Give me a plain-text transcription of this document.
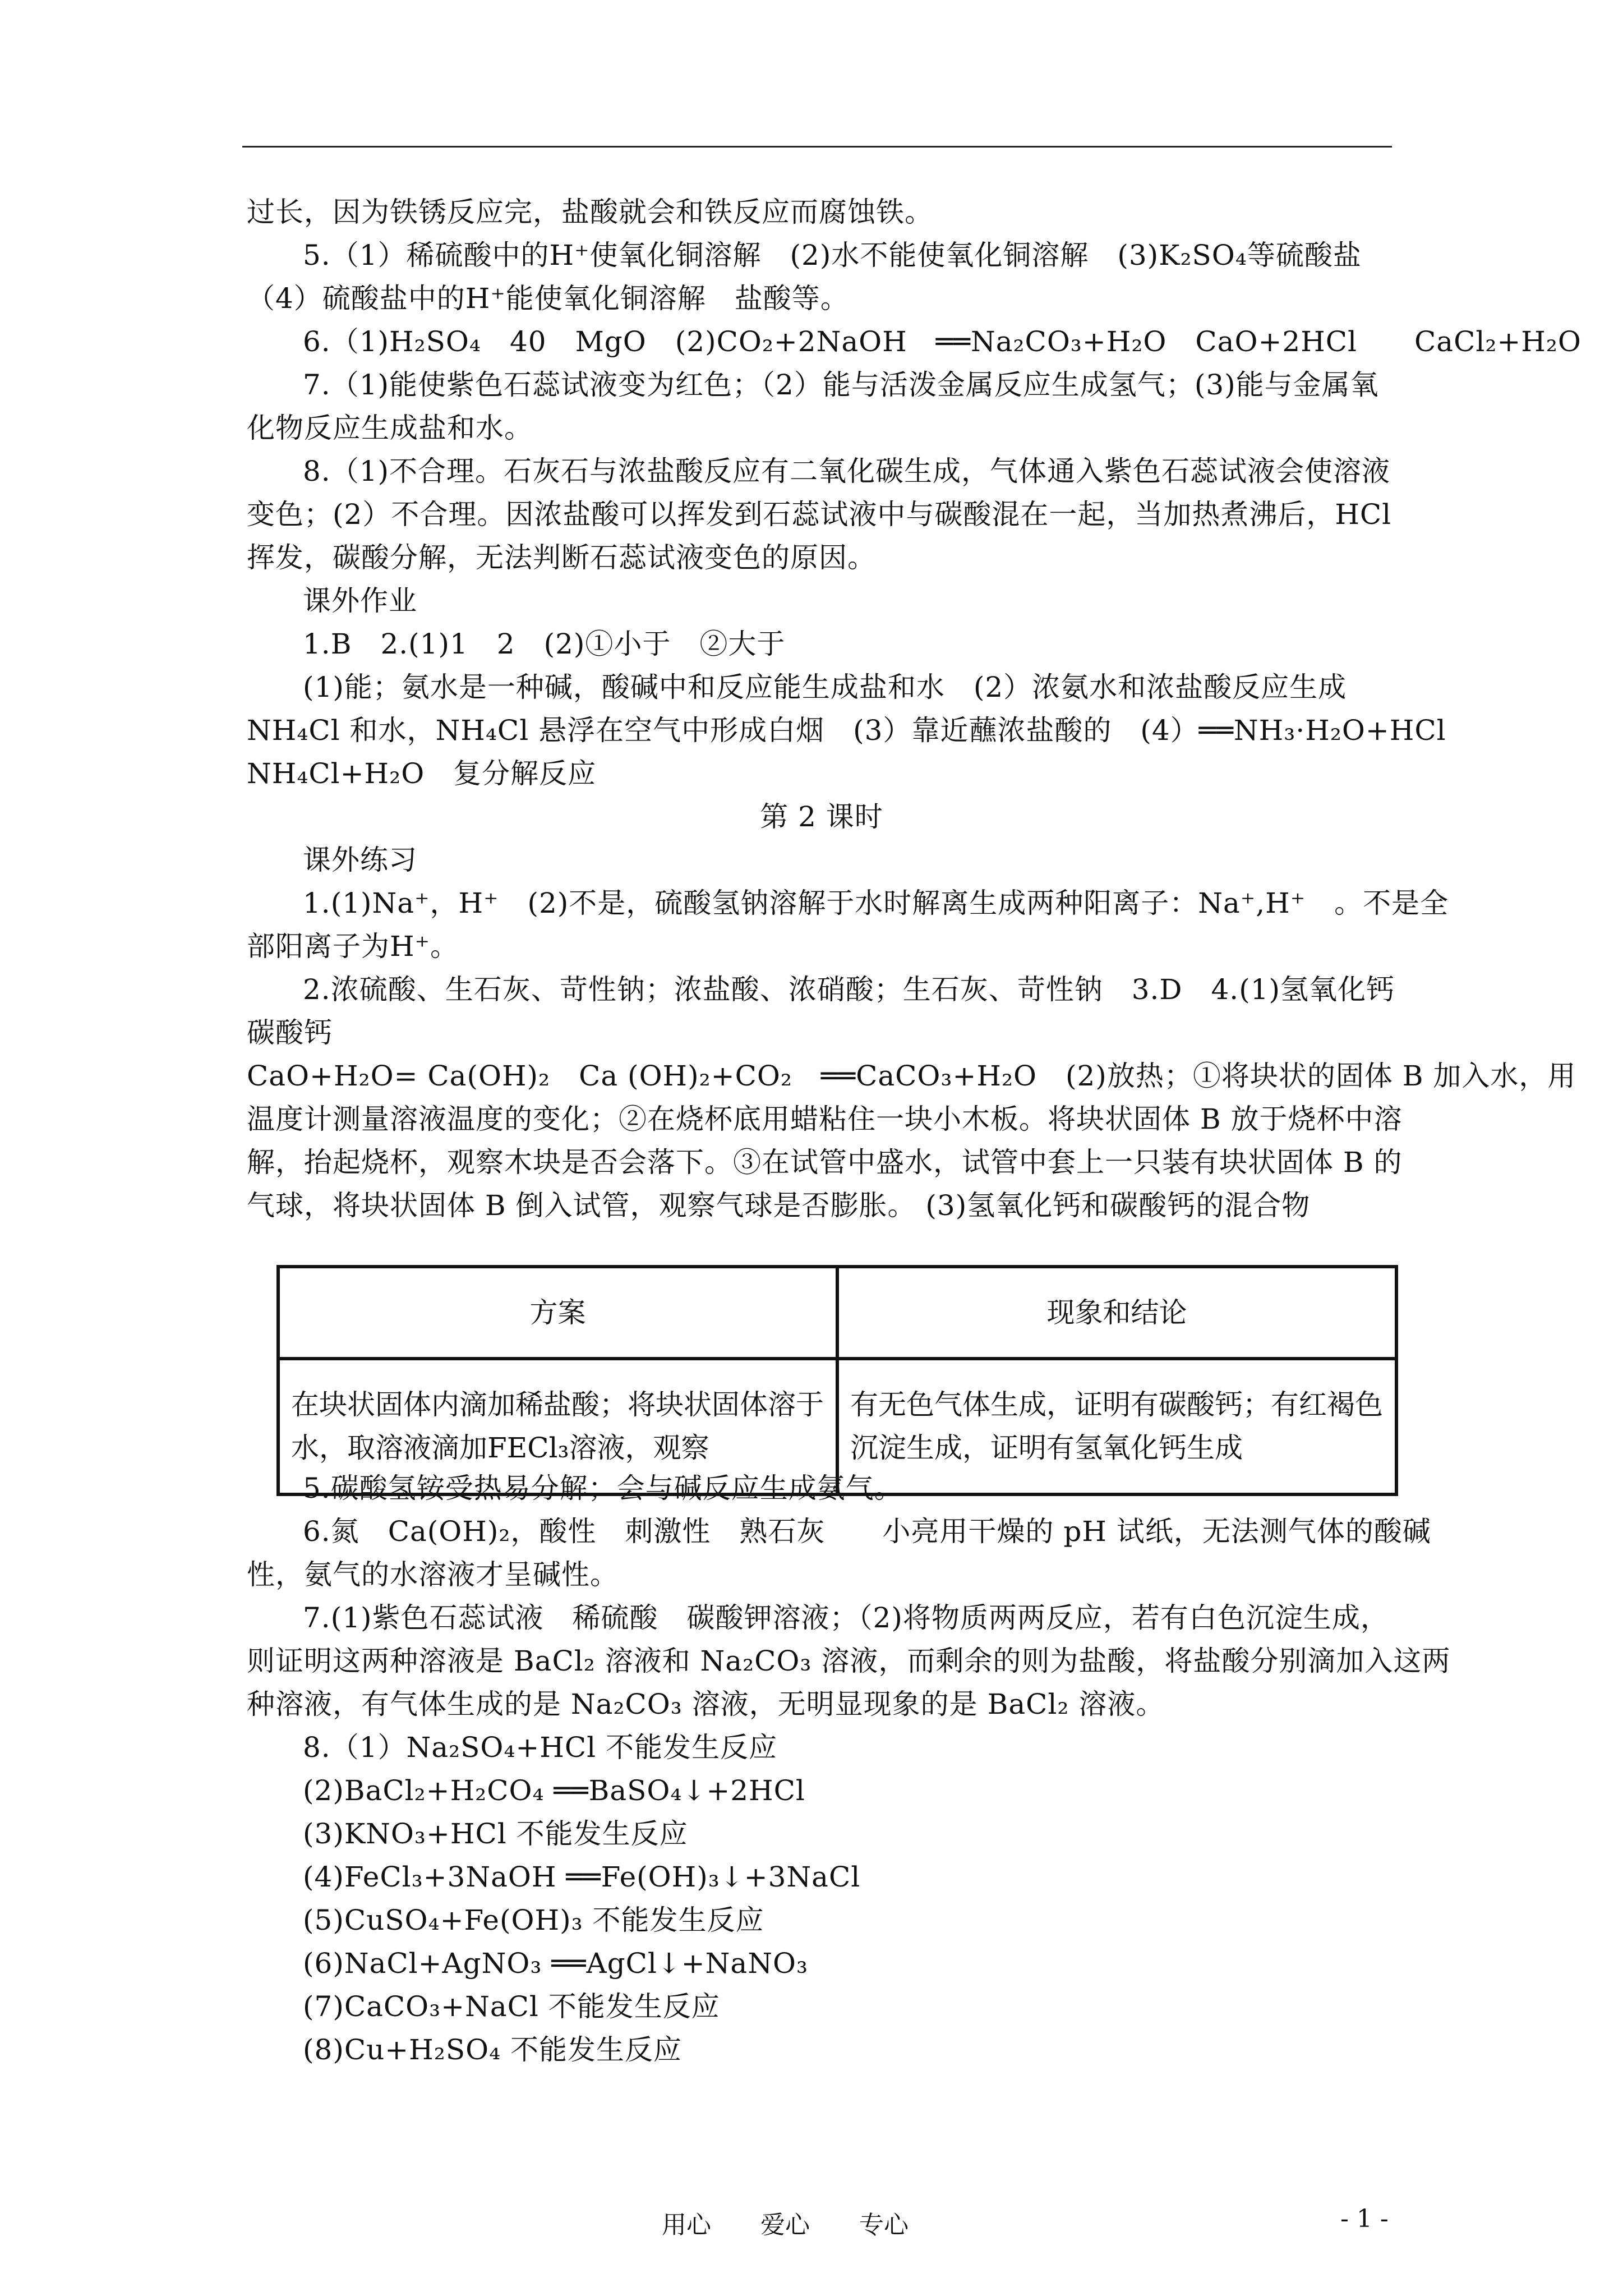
过长，因为铁锈反应完，盐酸就会和铁反应而腐蚀铁。

5.（1）稀硫酸中的H⁺使氧化铜溶解　(2)水不能使氧化铜溶解　(3)K₂SO₄等硫酸盐

（4）硫酸盐中的H⁺能使氧化铜溶解　盐酸等。

6.（1)H₂SO₄　40　MgO　(2)CO₂+2NaOH　══Na₂CO₃+H₂O　CaO+2HCl　　CaCl₂+H₂O

7.（1)能使紫色石蕊试液变为红色；（2）能与活泼金属反应生成氢气；(3)能与金属氧

化物反应生成盐和水。

8.（1)不合理。石灰石与浓盐酸反应有二氧化碳生成，气体通入紫色石蕊试液会使溶液

变色；(2）不合理。因浓盐酸可以挥发到石蕊试液中与碳酸混在一起，当加热煮沸后，HCl

挥发，碳酸分解，无法判断石蕊试液变色的原因。

课外作业

1.B　2.(1)1　2　(2)①小于　②大于

(1)能；氨水是一种碱，酸碱中和反应能生成盐和水　(2）浓氨水和浓盐酸反应生成

NH₄Cl 和水，NH₄Cl 悬浮在空气中形成白烟　(3）靠近蘸浓盐酸的　(4）══NH₃·H₂O+HCl

NH₄Cl+H₂O　复分解反应

第 2 课时

课外练习

1.(1)Na⁺，H⁺　(2)不是，硫酸氢钠溶解于水时解离生成两种阳离子：Na⁺,H⁺　。不是全

部阳离子为H⁺。

2.浓硫酸、生石灰、苛性钠；浓盐酸、浓硝酸；生石灰、苛性钠　3.D　4.(1)氢氧化钙

碳酸钙

CaO+H₂O= Ca(OH)₂　Ca (OH)₂+CO₂　══CaCO₃+H₂O　(2)放热；①将块状的固体 B 加入水，用

温度计测量溶液温度的变化；②在烧杯底用蜡粘住一块小木板。将块状固体 B 放于烧杯中溶

解，抬起烧杯，观察木块是否会落下。③在试管中盛水，试管中套上一只装有块状固体 B 的

气球，将块状固体 B 倒入试管，观察气球是否膨胀。 (3)氢氧化钙和碳酸钙的混合物

方案	现象和结论
在块状固体内滴加稀盐酸；将块状固体溶于水，取溶液滴加FECl₃溶液，观察	有无色气体生成，证明有碳酸钙；有红褐色沉淀生成，证明有氢氧化钙生成

5.碳酸氢铵受热易分解；会与碱反应生成氨气。

6.氮　Ca(OH)₂，酸性　刺激性　熟石灰　　小亮用干燥的 pH 试纸，无法测气体的酸碱

性，氨气的水溶液才呈碱性。

7.(1)紫色石蕊试液　稀硫酸　碳酸钾溶液；（2)将物质两两反应，若有白色沉淀生成，

则证明这两种溶液是 BaCl₂ 溶液和 Na₂CO₃ 溶液，而剩余的则为盐酸，将盐酸分别滴加入这两

种溶液，有气体生成的是 Na₂CO₃ 溶液，无明显现象的是 BaCl₂ 溶液。

8.（1）Na₂SO₄+HCl 不能发生反应

(2)BaCl₂+H₂CO₄ ══BaSO₄↓+2HCl

(3)KNO₃+HCl 不能发生反应

(4)FeCl₃+3NaOH ══Fe(OH)₃↓+3NaCl

(5)CuSO₄+Fe(OH)₃ 不能发生反应

(6)NaCl+AgNO₃ ══AgCl↓+NaNO₃

(7)CaCO₃+NaCl 不能发生反应

(8)Cu+H₂SO₄ 不能发生反应

用心　　爱心　　专心	- 1 -
